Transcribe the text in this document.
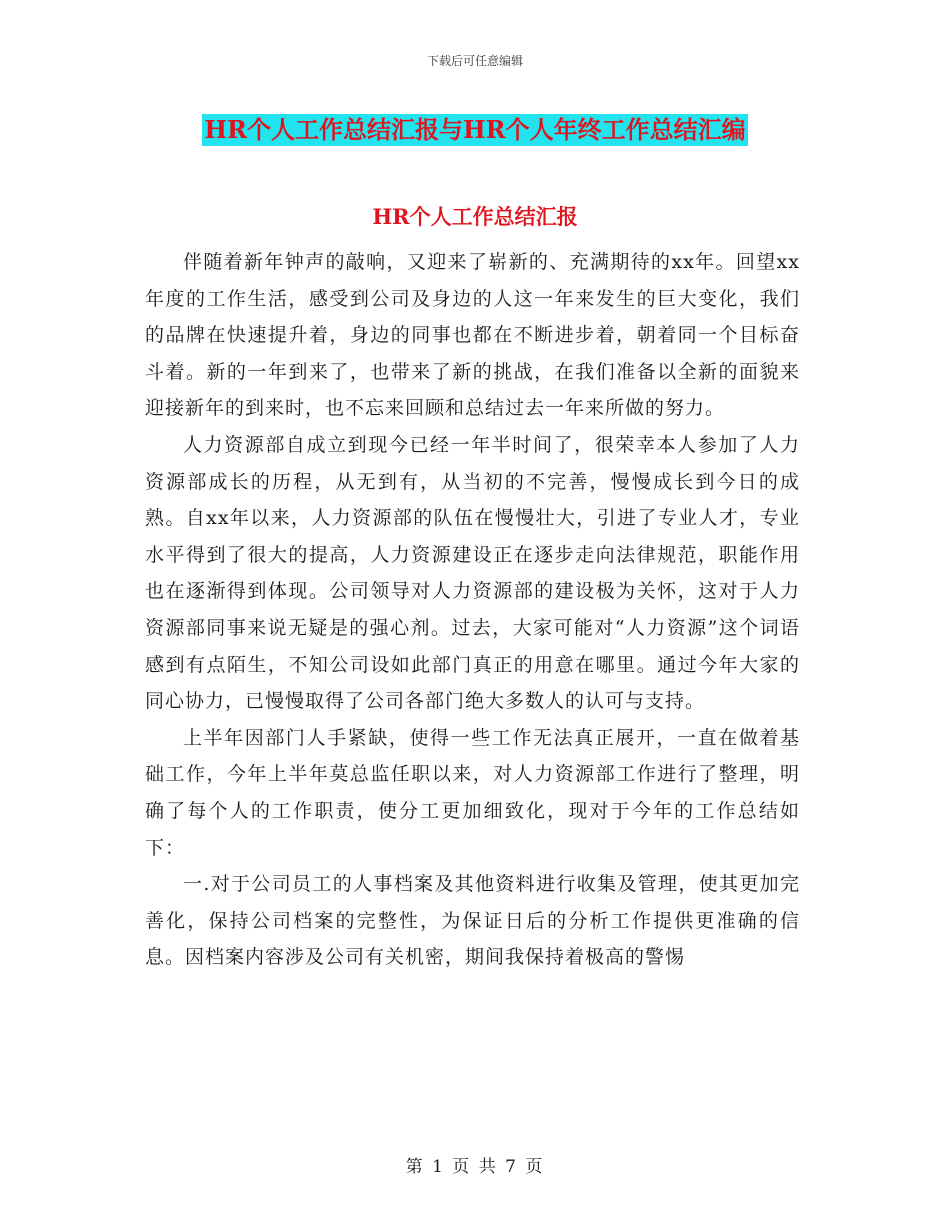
下载后可任意编辑
HR个人工作总结汇报与HR个人年终工作总结汇编
HR个人工作总结汇报

伴随着新年钟声的敲响，又迎来了崭新的、充满期待的xx年。回望xx年度的工作生活，感受到公司及身边的人这一年来发生的巨大变化，我们的品牌在快速提升着，身边的同事也都在不断进步着，朝着同一个目标奋斗着。新的一年到来了，也带来了新的挑战，在我们准备以全新的面貌来迎接新年的到来时，也不忘来回顾和总结过去一年来所做的努力。

人力资源部自成立到现今已经一年半时间了，很荣幸本人参加了人力资源部成长的历程，从无到有，从当初的不完善，慢慢成长到今日的成熟。自xx年以来，人力资源部的队伍在慢慢壮大，引进了专业人才，专业水平得到了很大的提高，人力资源建设正在逐步走向法律规范，职能作用也在逐渐得到体现。公司领导对人力资源部的建设极为关怀，这对于人力资源部同事来说无疑是的强心剂。过去，大家可能对“人力资源”这个词语感到有点陌生，不知公司设如此部门真正的用意在哪里。通过今年大家的同心协力，已慢慢取得了公司各部门绝大多数人的认可与支持。

上半年因部门人手紧缺，使得一些工作无法真正展开，一直在做着基础工作，今年上半年莫总监任职以来，对人力资源部工作进行了整理，明确了每个人的工作职责，使分工更加细致化，现对于今年的工作总结如下：

一.对于公司员工的人事档案及其他资料进行收集及管理，使其更加完善化，保持公司档案的完整性，为保证日后的分析工作提供更准确的信息。因档案内容涉及公司有关机密，期间我保持着极高的警惕

第 1 页 共 7 页
